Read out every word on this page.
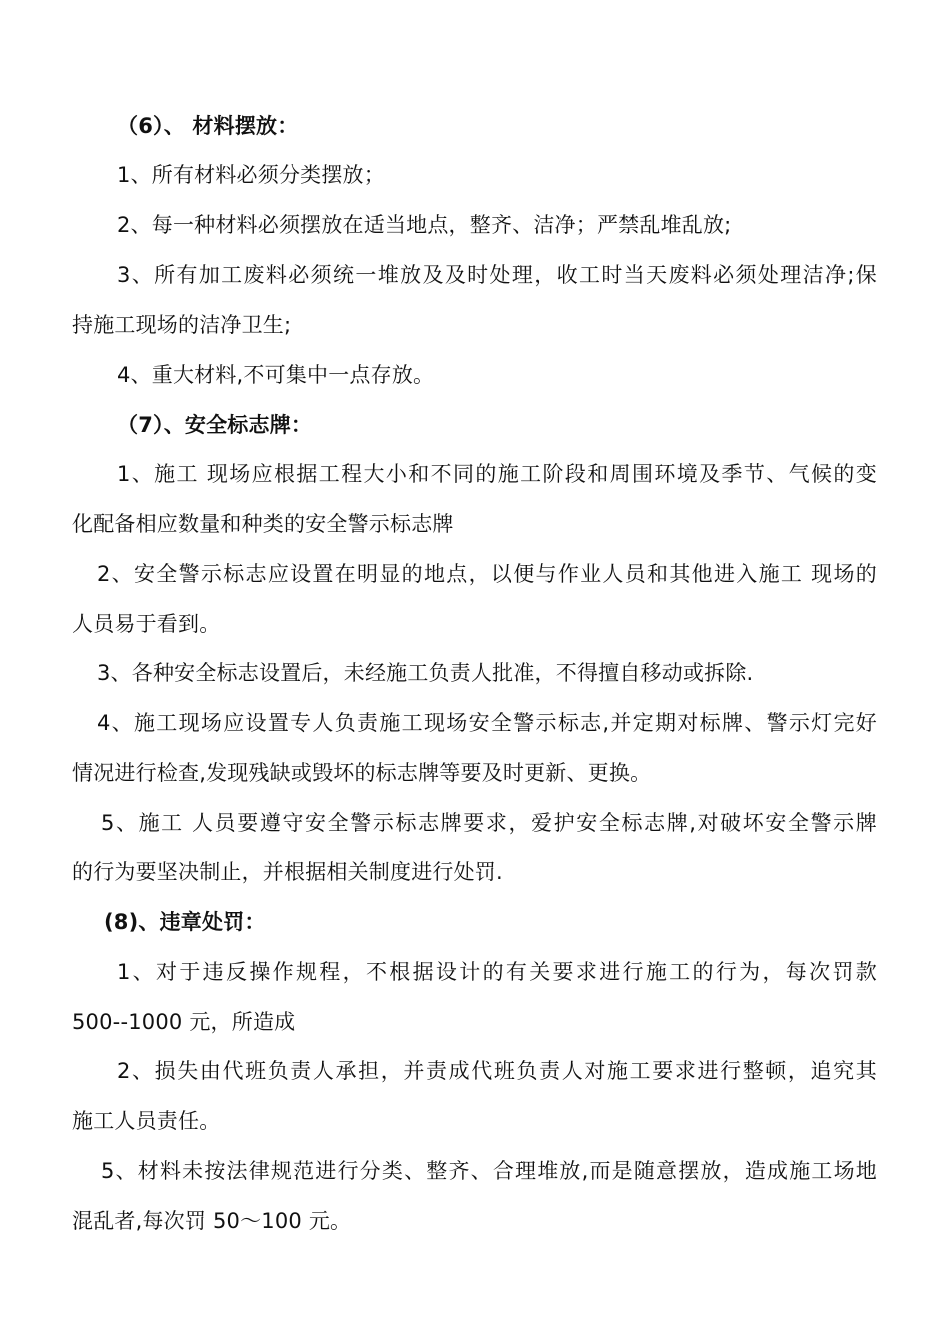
（6）、 材料摆放：
1、所有材料必须分类摆放；
2、每一种材料必须摆放在适当地点，整齐、洁净；严禁乱堆乱放;
3、所有加工废料必须统一堆放及及时处理，收工时当天废料必须处理洁净;保
持施工现场的洁净卫生;
4、重大材料,不可集中一点存放。
（7）、安全标志牌：
1、施工 现场应根据工程大小和不同的施工阶段和周围环境及季节、气候的变
化配备相应数量和种类的安全警示标志牌
2、安全警示标志应设置在明显的地点，以便与作业人员和其他进入施工 现场的
人员易于看到。
3、各种安全标志设置后，未经施工负责人批准，不得擅自移动或拆除.
4、施工现场应设置专人负责施工现场安全警示标志,并定期对标牌、警示灯完好
情况进行检查,发现残缺或毁坏的标志牌等要及时更新、更换。
5、施工 人员要遵守安全警示标志牌要求，爱护安全标志牌,对破坏安全警示牌
的行为要坚决制止，并根据相关制度进行处罚.
(8)、违章处罚：
1、对于违反操作规程，不根据设计的有关要求进行施工的行为，每次罚款
500--1000 元，所造成
2、损失由代班负责人承担，并责成代班负责人对施工要求进行整顿，追究其
施工人员责任。
5、材料未按法律规范进行分类、整齐、合理堆放,而是随意摆放，造成施工场地
混乱者,每次罚 50～100 元。
